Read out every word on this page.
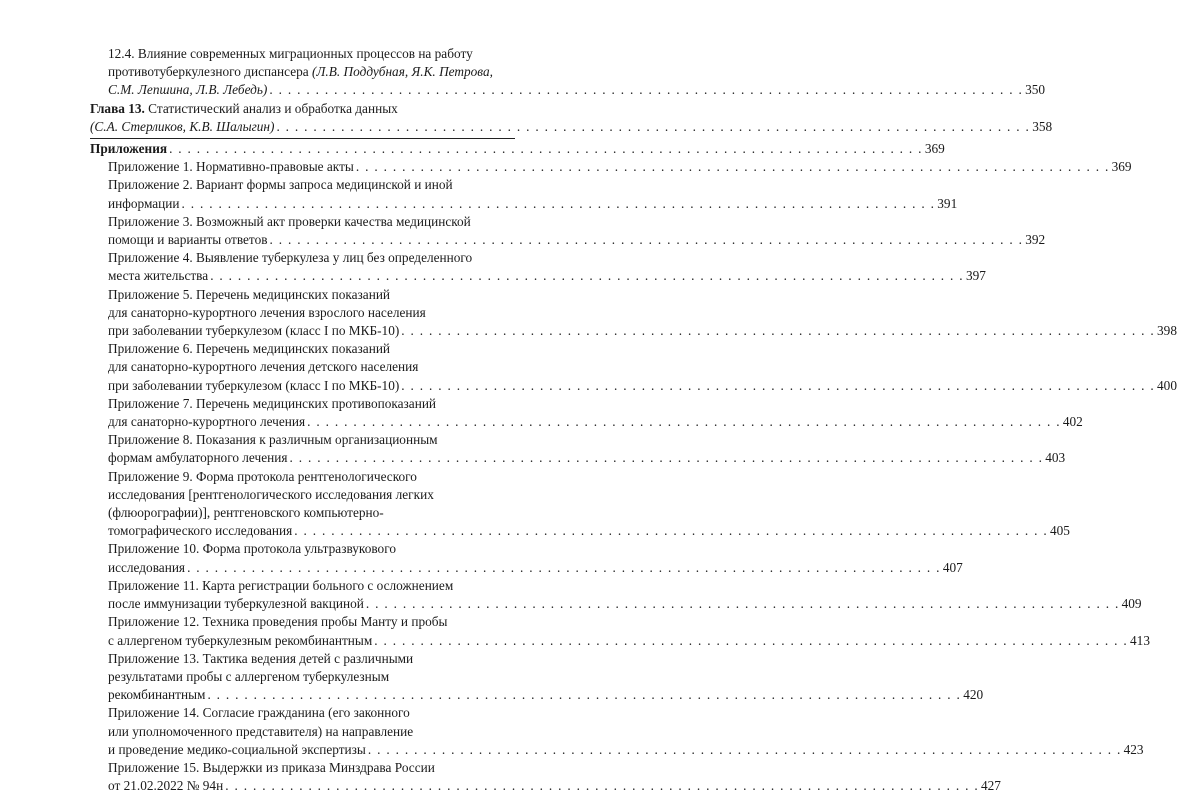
12.4. Влияние современных миграционных процессов на работу
противотуберкулезного диспансера (Л.В. Поддубная, Я.К. Петрова,
С.М. Лепшина, Л.В. Лебедь) . . .	350
Глава 13. Статистический анализ и обработка данных
(С.А. Стерликов, К.В. Шалыгин) . . .	358
Приложения . . .	369
Приложение 1. Нормативно-правовые акты . . .	369
Приложение 2. Вариант формы запроса медицинской и иной
информации . . .	391
Приложение 3. Возможный акт проверки качества медицинской
помощи и варианты ответов . . .	392
Приложение 4. Выявление туберкулеза у лиц без определенного
места жительства . . .	397
Приложение 5. Перечень медицинских показаний
для санаторно-курортного лечения взрослого населения
при заболевании туберкулезом (класс I по МКБ-10) . . .	398
Приложение 6. Перечень медицинских показаний
для санаторно-курортного лечения детского населения
при заболевании туберкулезом (класс I по МКБ-10) . . .	400
Приложение 7. Перечень медицинских противопоказаний
для санаторно-курортного лечения . . .	402
Приложение 8. Показания к различным организационным
формам амбулаторного лечения . . .	403
Приложение 9. Форма протокола рентгенологического
исследования [рентгенологического исследования легких
(флюорографии)], рентгеновского компьютерно-
томографического исследования . . .	405
Приложение 10. Форма протокола ультразвукового
исследования . . .	407
Приложение 11. Карта регистрации больного с осложнением
после иммунизации туберкулезной вакциной . . .	409
Приложение 12. Техника проведения пробы Манту и пробы
с аллергеном туберкулезным рекомбинантным . . .	413
Приложение 13. Тактика ведения детей с различными
результатами пробы с аллергеном туберкулезным
рекомбинантным . . .	420
Приложение 14. Согласие гражданина (его законного
или уполномоченного представителя) на направление
и проведение медико-социальной экспертизы . . .	423
Приложение 15. Выдержки из приказа Минздрава России
от 21.02.2022 № 94н . . .	427
